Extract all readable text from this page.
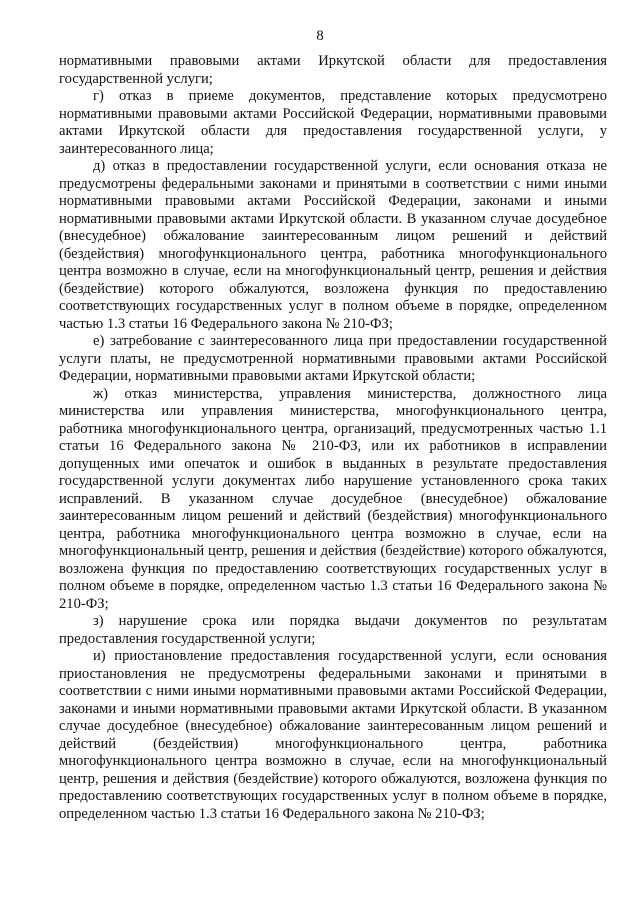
8

нормативными правовыми актами Иркутской области для предоставления государственной услуги;

г) отказ в приеме документов, представление которых предусмотрено нормативными правовыми актами Российской Федерации, нормативными правовыми актами Иркутской области для предоставления государственной услуги, у заинтересованного лица;

д) отказ в предоставлении государственной услуги, если основания отказа не предусмотрены федеральными законами и принятыми в соответствии с ними иными нормативными правовыми актами Российской Федерации, законами и иными нормативными правовыми актами Иркутской области. В указанном случае досудебное (внесудебное) обжалование заинтересованным лицом решений и действий (бездействия) многофункционального центра, работника многофункционального центра возможно в случае, если на многофункциональный центр, решения и действия (бездействие) которого обжалуются, возложена функция по предоставлению соответствующих государственных услуг в полном объеме в порядке, определенном частью 1.3 статьи 16 Федерального закона № 210-ФЗ;

е) затребование с заинтересованного лица при предоставлении государственной услуги платы, не предусмотренной нормативными правовыми актами Российской Федерации, нормативными правовыми актами Иркутской области;

ж) отказ министерства, управления министерства, должностного лица министерства или управления министерства, многофункционального центра, работника многофункционального центра, организаций, предусмотренных частью 1.1 статьи 16 Федерального закона № 210-ФЗ, или их работников в исправлении допущенных ими опечаток и ошибок в выданных в результате предоставления государственной услуги документах либо нарушение установленного срока таких исправлений. В указанном случае досудебное (внесудебное) обжалование заинтересованным лицом решений и действий (бездействия) многофункционального центра, работника многофункционального центра возможно в случае, если на многофункциональный центр, решения и действия (бездействие) которого обжалуются, возложена функция по предоставлению соответствующих государственных услуг в полном объеме в порядке, определенном частью 1.3 статьи 16 Федерального закона № 210-ФЗ;

з) нарушение срока или порядка выдачи документов по результатам предоставления государственной услуги;

и) приостановление предоставления государственной услуги, если основания приостановления не предусмотрены федеральными законами и принятыми в соответствии с ними иными нормативными правовыми актами Российской Федерации, законами и иными нормативными правовыми актами Иркутской области. В указанном случае досудебное (внесудебное) обжалование заинтересованным лицом решений и действий (бездействия) многофункционального центра, работника многофункционального центра возможно в случае, если на многофункциональный центр, решения и действия (бездействие) которого обжалуются, возложена функция по предоставлению соответствующих государственных услуг в полном объеме в порядке, определенном частью 1.3 статьи 16 Федерального закона № 210-ФЗ;
